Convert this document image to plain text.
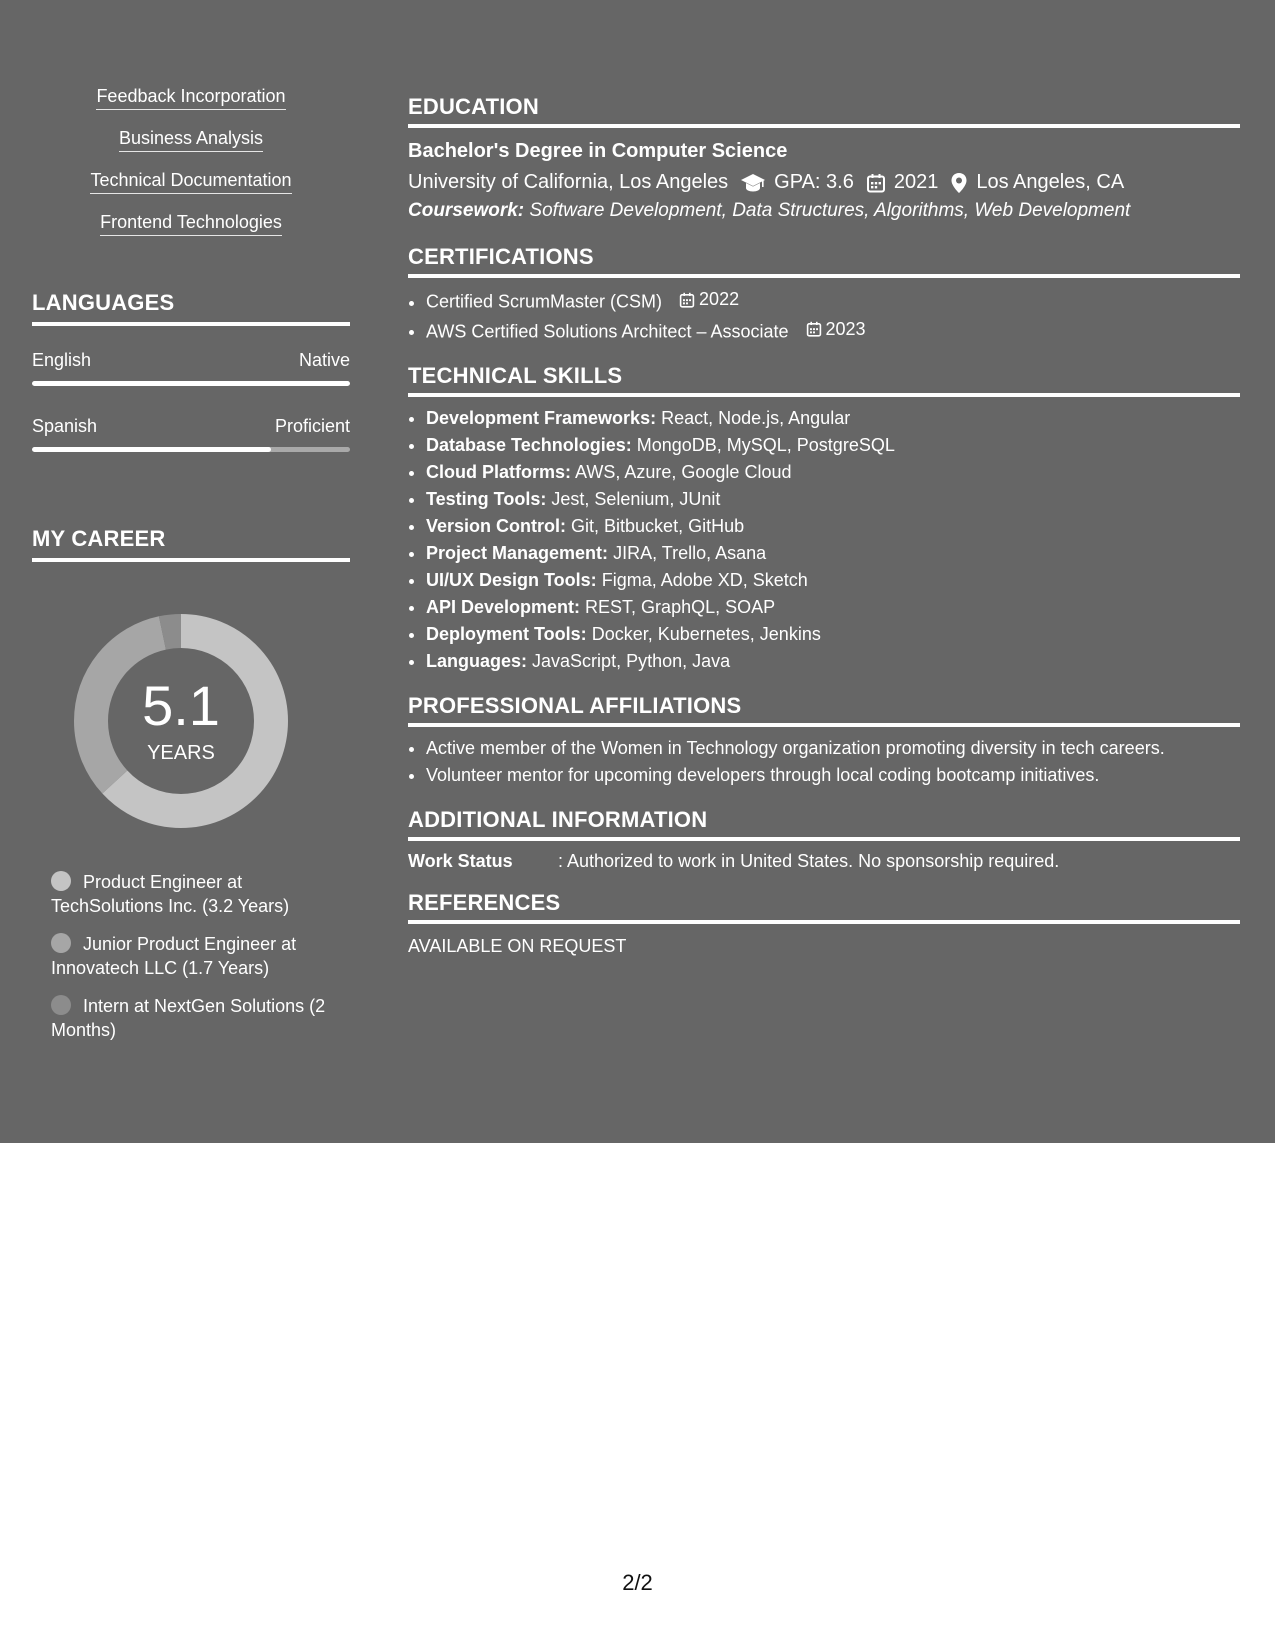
Feedback Incorporation
Business Analysis
Technical Documentation
Frontend Technologies
LANGUAGES
English	Native
Spanish	Proficient
MY CAREER
5.1
YEARS
Product Engineer at TechSolutions Inc. (3.2 Years)
Junior Product Engineer at Innovatech LLC (1.7 Years)
Intern at NextGen Solutions (2 Months)
EDUCATION
Bachelor's Degree in Computer Science
University of California, Los Angeles GPA: 3.6 2021 Los Angeles, CA
Coursework: Software Development, Data Structures, Algorithms, Web Development
CERTIFICATIONS
• Certified ScrumMaster (CSM) 2022
• AWS Certified Solutions Architect – Associate 2023
TECHNICAL SKILLS
• Development Frameworks: React, Node.js, Angular
• Database Technologies: MongoDB, MySQL, PostgreSQL
• Cloud Platforms: AWS, Azure, Google Cloud
• Testing Tools: Jest, Selenium, JUnit
• Version Control: Git, Bitbucket, GitHub
• Project Management: JIRA, Trello, Asana
• UI/UX Design Tools: Figma, Adobe XD, Sketch
• API Development: REST, GraphQL, SOAP
• Deployment Tools: Docker, Kubernetes, Jenkins
• Languages: JavaScript, Python, Java
PROFESSIONAL AFFILIATIONS
• Active member of the Women in Technology organization promoting diversity in tech careers.
• Volunteer mentor for upcoming developers through local coding bootcamp initiatives.
ADDITIONAL INFORMATION
Work Status	: Authorized to work in United States. No sponsorship required.
REFERENCES
AVAILABLE ON REQUEST
2/2
